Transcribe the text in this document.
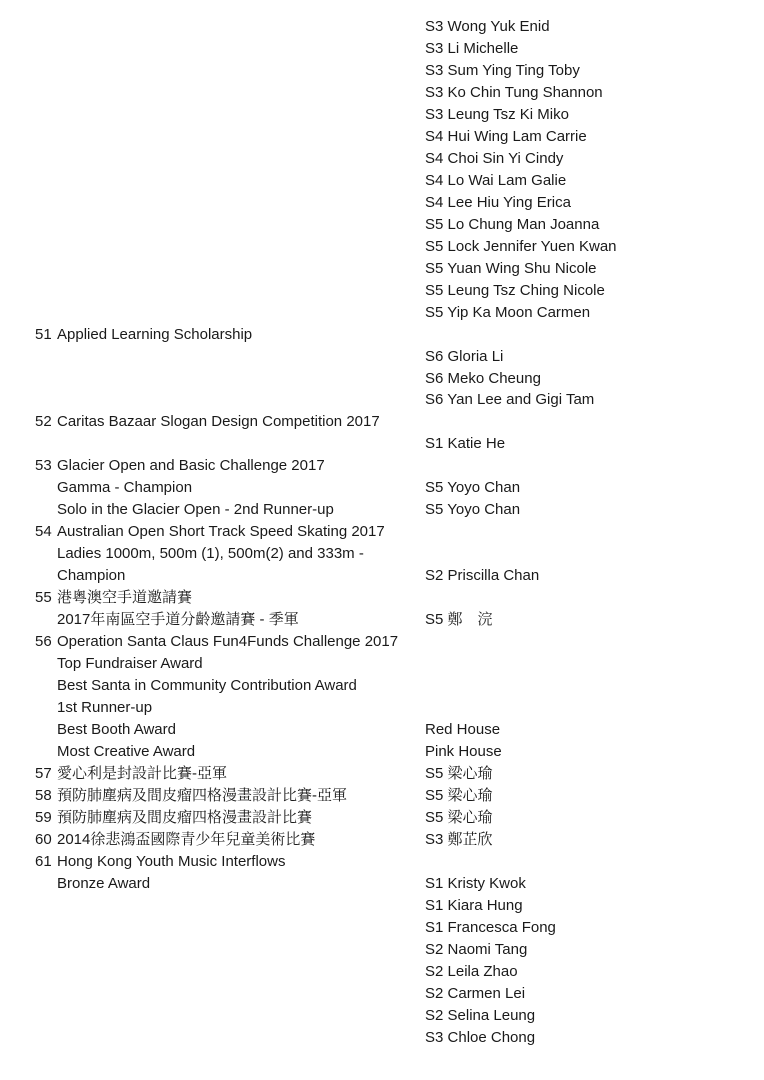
S3 Wong Yuk Enid
S3 Li Michelle
S3 Sum Ying Ting Toby
S3 Ko Chin Tung Shannon
S3 Leung Tsz Ki Miko
S4 Hui Wing Lam Carrie
S4 Choi Sin Yi Cindy
S4 Lo Wai Lam Galie
S4 Lee Hiu Ying Erica
S5 Lo Chung Man Joanna
S5 Lock Jennifer Yuen Kwan
S5 Yuan Wing Shu Nicole
S5 Leung Tsz Ching Nicole
S5 Yip Ka Moon Carmen
51 Applied Learning Scholarship
S6 Gloria Li
S6 Meko Cheung
S6 Yan Lee and Gigi Tam
52 Caritas Bazaar Slogan Design Competition 2017
S1 Katie He
53 Glacier Open and Basic Challenge 2017
Gamma - Champion	S5 Yoyo Chan
Solo in the Glacier Open - 2nd Runner-up	S5 Yoyo Chan
54 Australian Open Short Track Speed Skating 2017
Ladies 1000m, 500m (1), 500m(2) and 333m -
Champion	S2 Priscilla Chan
55 港粵澳空手道邀請賽
2017年南區空手道分齡邀請賽 - 季軍	S5 鄭　浣
56 Operation Santa Claus Fun4Funds Challenge 2017
Top Fundraiser Award
Best Santa in Community Contribution Award
1st Runner-up
Best Booth Award	Red House
Most Creative Award	Pink House
57 愛心利是封設計比賽-亞軍	S5 梁心瑜
58 預防肺塵病及間皮瘤四格漫畫設計比賽-亞軍	S5 梁心瑜
59 預防肺塵病及間皮瘤四格漫畫設計比賽	S5 梁心瑜
60 2014徐悲鴻盃國際青少年兒童美術比賽	S3 鄭芷欣
61 Hong Kong Youth Music Interflows
Bronze Award	S1 Kristy Kwok
S1 Kiara Hung
S1 Francesca Fong
S2 Naomi Tang
S2 Leila Zhao
S2 Carmen Lei
S2 Selina Leung
S3 Chloe Chong
